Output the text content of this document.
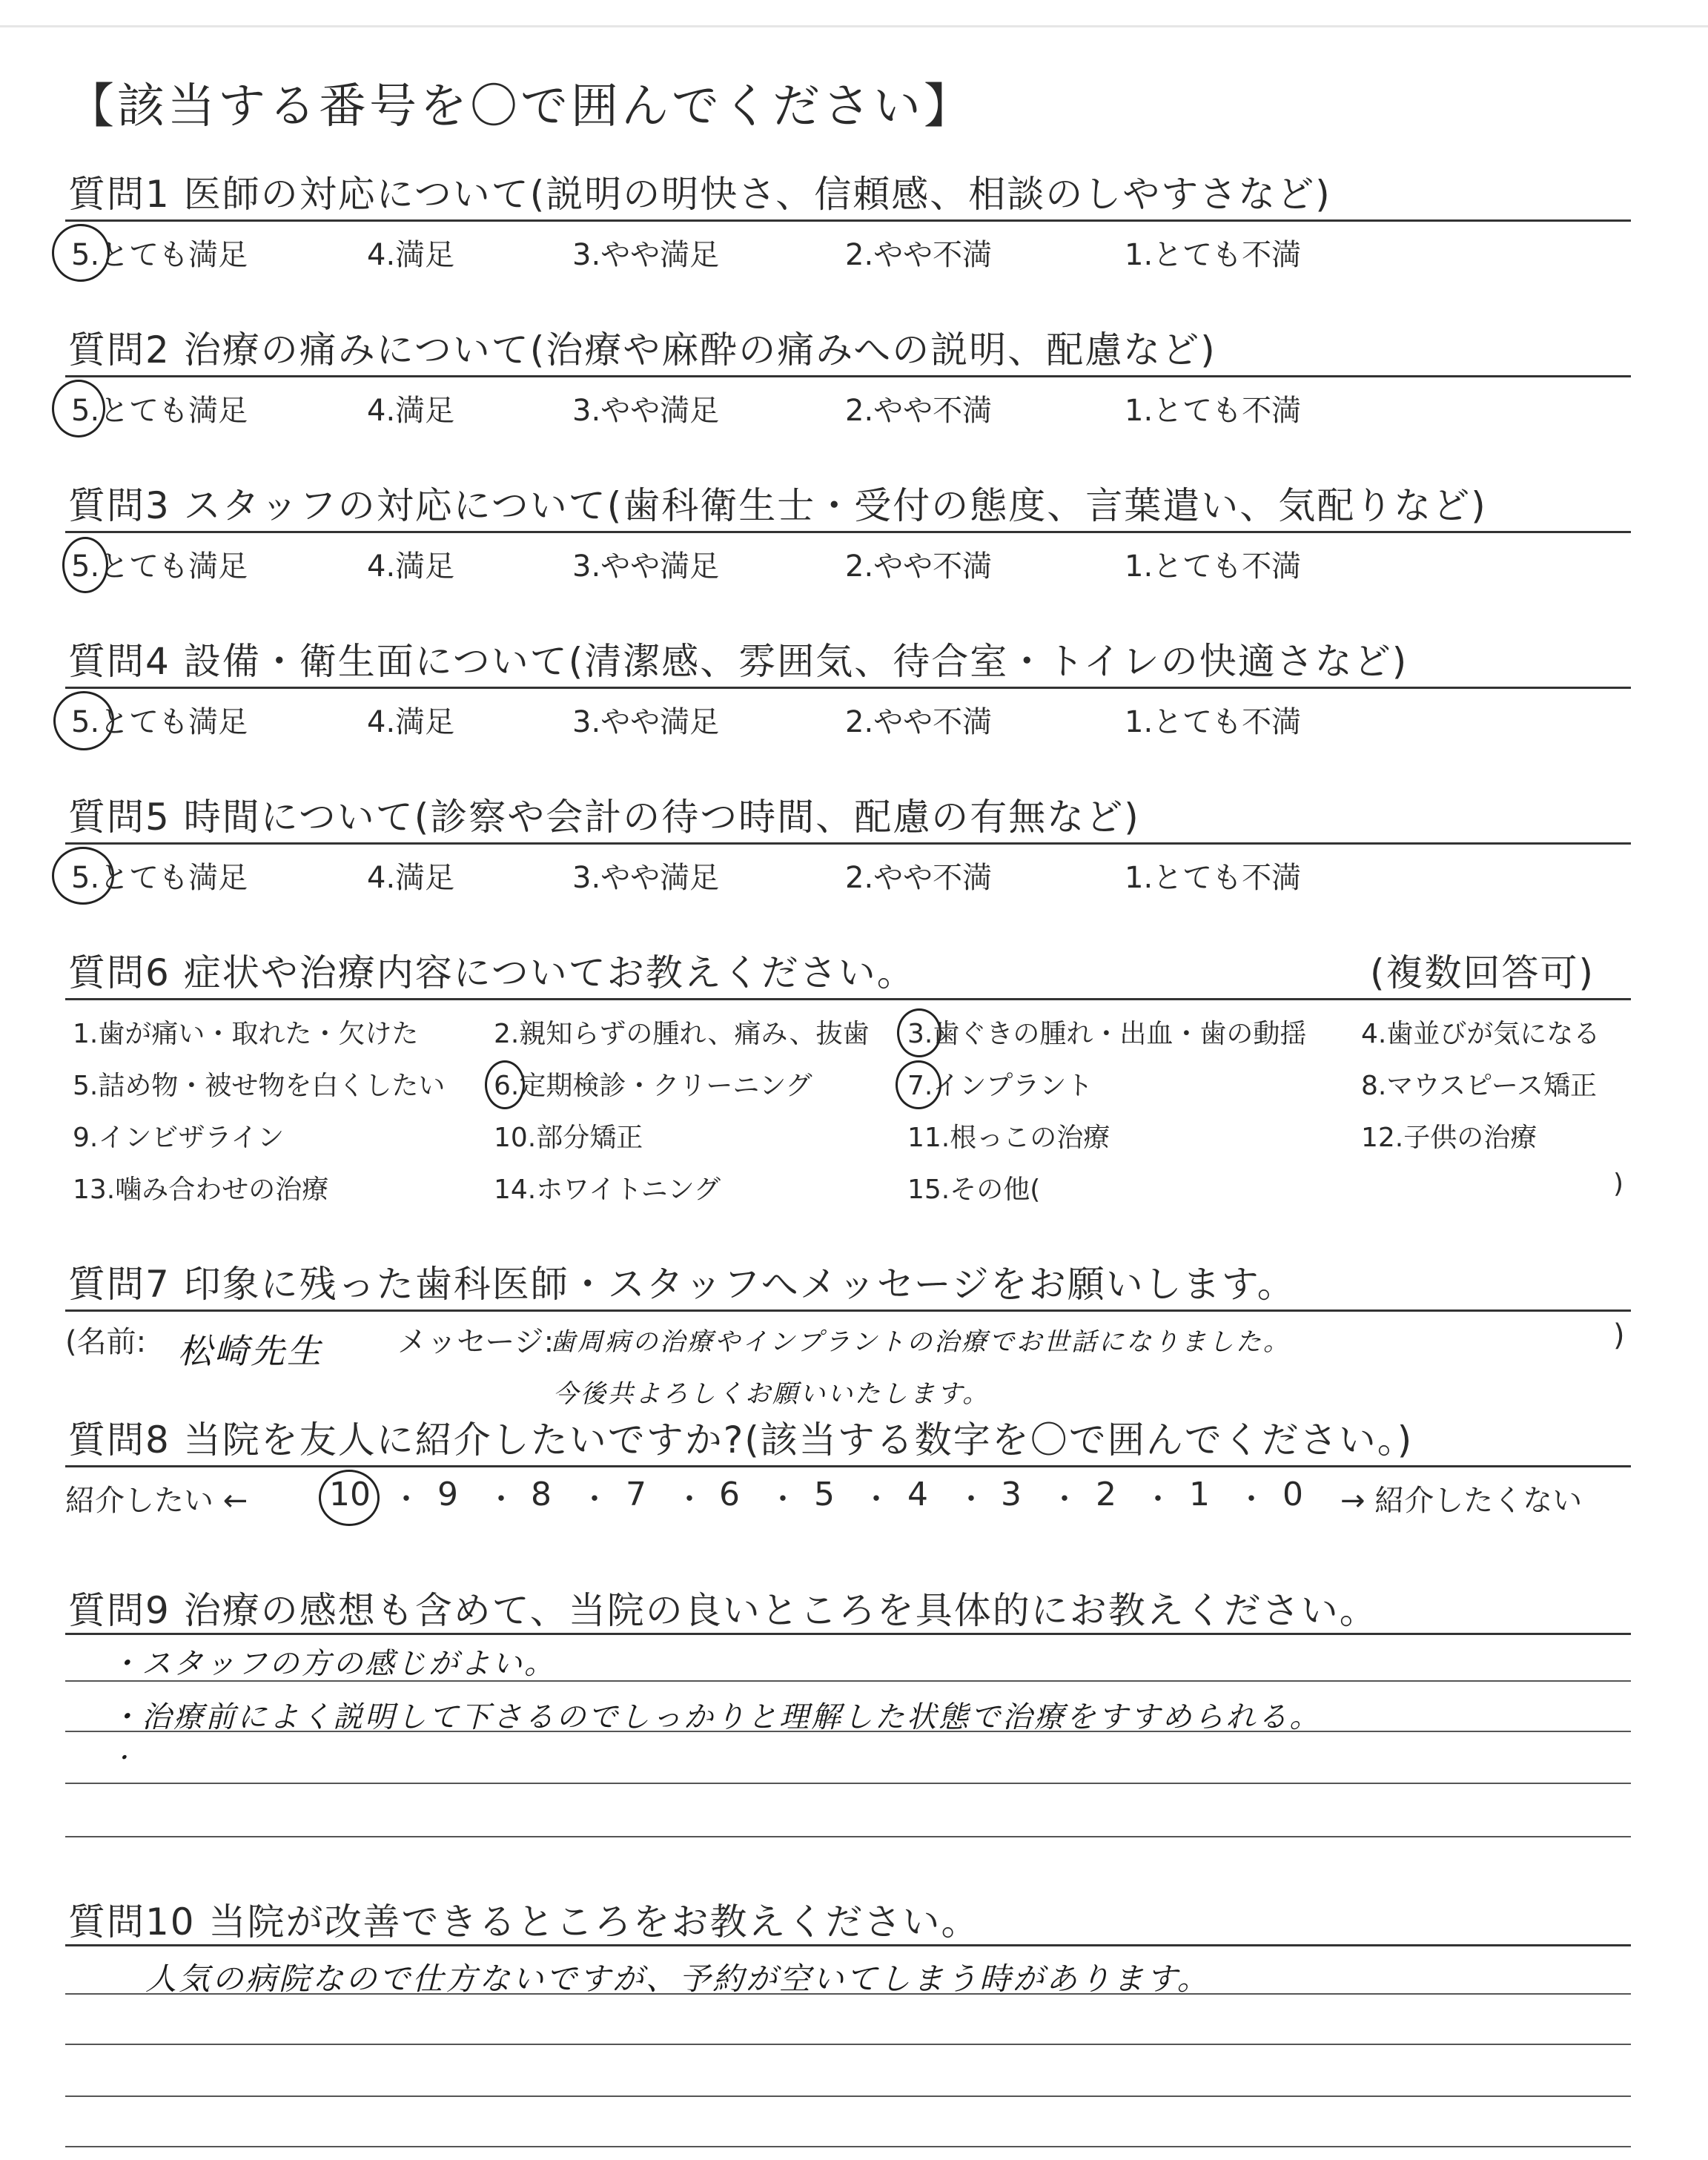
【該当する番号を〇で囲んでください】
質問1 医師の対応について(説明の明快さ、信頼感、相談のしやすさなど)
5.とても満足	4.満足	3.やや満足	2.やや不満	1.とても不満
質問2 治療の痛みについて(治療や麻酔の痛みへの説明、配慮など)
5.とても満足	4.満足	3.やや満足	2.やや不満	1.とても不満
質問3 スタッフの対応について(歯科衛生士・受付の態度、言葉遣い、気配りなど)
5.とても満足	4.満足	3.やや満足	2.やや不満	1.とても不満
質問4 設備・衛生面について(清潔感、雰囲気、待合室・トイレの快適さなど)
5.とても満足	4.満足	3.やや満足	2.やや不満	1.とても不満
質問5 時間について(診察や会計の待つ時間、配慮の有無など)
5.とても満足	4.満足	3.やや満足	2.やや不満	1.とても不満
質問6 症状や治療内容についてお教えください。	(複数回答可)
1.歯が痛い・取れた・欠けた	2.親知らずの腫れ、痛み、抜歯 3.歯ぐきの腫れ・出血・歯の動揺 4.歯並びが気になる
5.詰め物・被せ物を白くしたい 6.定期検診・クリーニング	7.インプラント	8.マウスピース矯正
9.インビザライン	10.部分矯正	11.根っこの治療	12.子供の治療
13.噛み合わせの治療	14.ホワイトニング	15.その他(	)
質問7 印象に残った歯科医師・スタッフへメッセージをお願いします。
(名前: 松崎先生	メッセージ:
歯周病の治療やインプラントの治療でお世話になりました。
今後共よろしくお願いいたします。
)
質問8 当院を友人に紹介したいですか?(該当する数字を〇で囲んでください。)
紹介したい ← 10 ・ 9 ・ 8 ・ 7 ・ 6 ・ 5 ・ 4 ・ 3 ・ 2 ・ 1 ・ 0 → 紹介したくない
質問9 治療の感想も含めて、当院の良いところを具体的にお教えください。
・スタッフの方の感じがよい。
・治療前によく説明して下さるのでしっかりと理解した状態で治療をすすめられる。
・
質問10 当院が改善できるところをお教えください。
人気の病院なので仕方ないですが、予約が空いてしまう時があります。
